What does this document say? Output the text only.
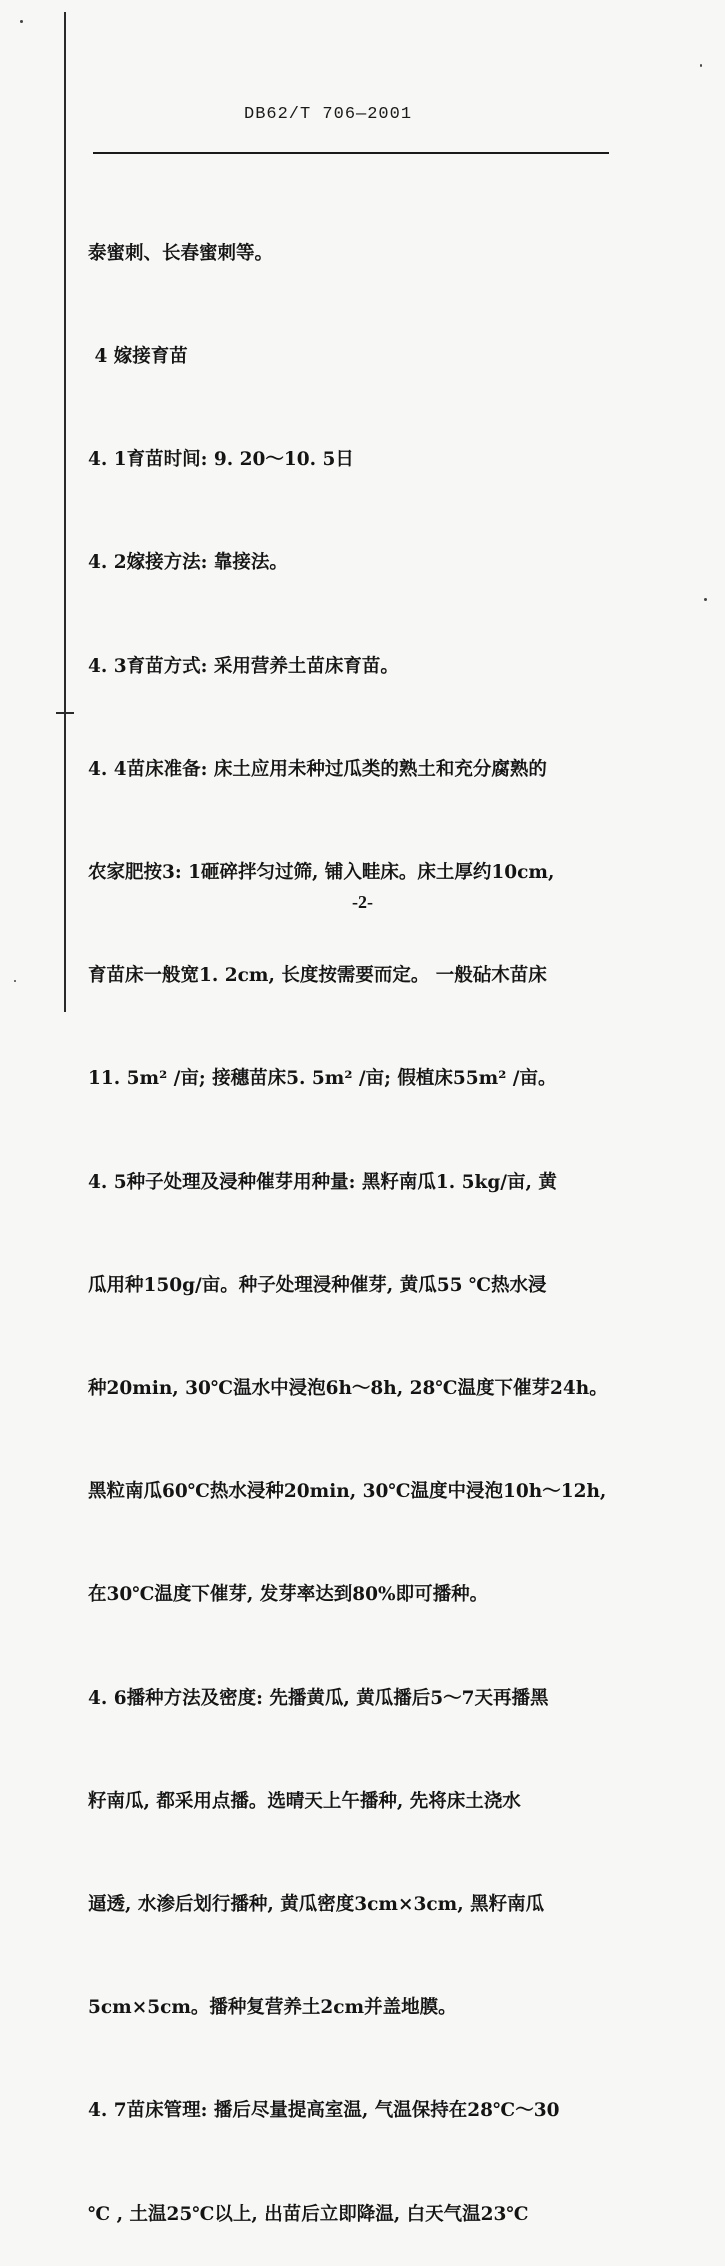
DB62/T 706—2001

泰蜜刺、长春蜜刺等。

4 嫁接育苗

4. 1育苗时间: 9. 20～10. 5日

4. 2嫁接方法: 靠接法。

4. 3育苗方式: 采用营养土苗床育苗。

4. 4苗床准备: 床土应用未种过瓜类的熟土和充分腐熟的

农家肥按3: 1砸碎拌匀过筛, 铺入畦床。床土厚约10cm,

育苗床一般宽1. 2cm, 长度按需要而定。 一般砧木苗床

11. 5m² /亩; 接穗苗床5. 5m² /亩; 假植床55m² /亩。

4. 5种子处理及浸种催芽用种量: 黑籽南瓜1. 5kg/亩, 黄

瓜用种150g/亩。种子处理浸种催芽, 黄瓜55 ℃热水浸

种20min, 30℃温水中浸泡6h～8h, 28℃温度下催芽24h。

黑粒南瓜60℃热水浸种20min, 30℃温度中浸泡10h～12h,

在30℃温度下催芽, 发芽率达到80%即可播种。

4. 6播种方法及密度: 先播黄瓜, 黄瓜播后5～7天再播黑

籽南瓜, 都采用点播。选晴天上午播种, 先将床土浇水

逼透, 水渗后划行播种, 黄瓜密度3cm×3cm, 黑籽南瓜

5cm×5cm。播种复营养土2cm并盖地膜。

4. 7苗床管理: 播后尽量提高室温, 气温保持在28℃～30

℃ , 土温25℃以上, 出苗后立即降温, 白天气温23℃

-2-
